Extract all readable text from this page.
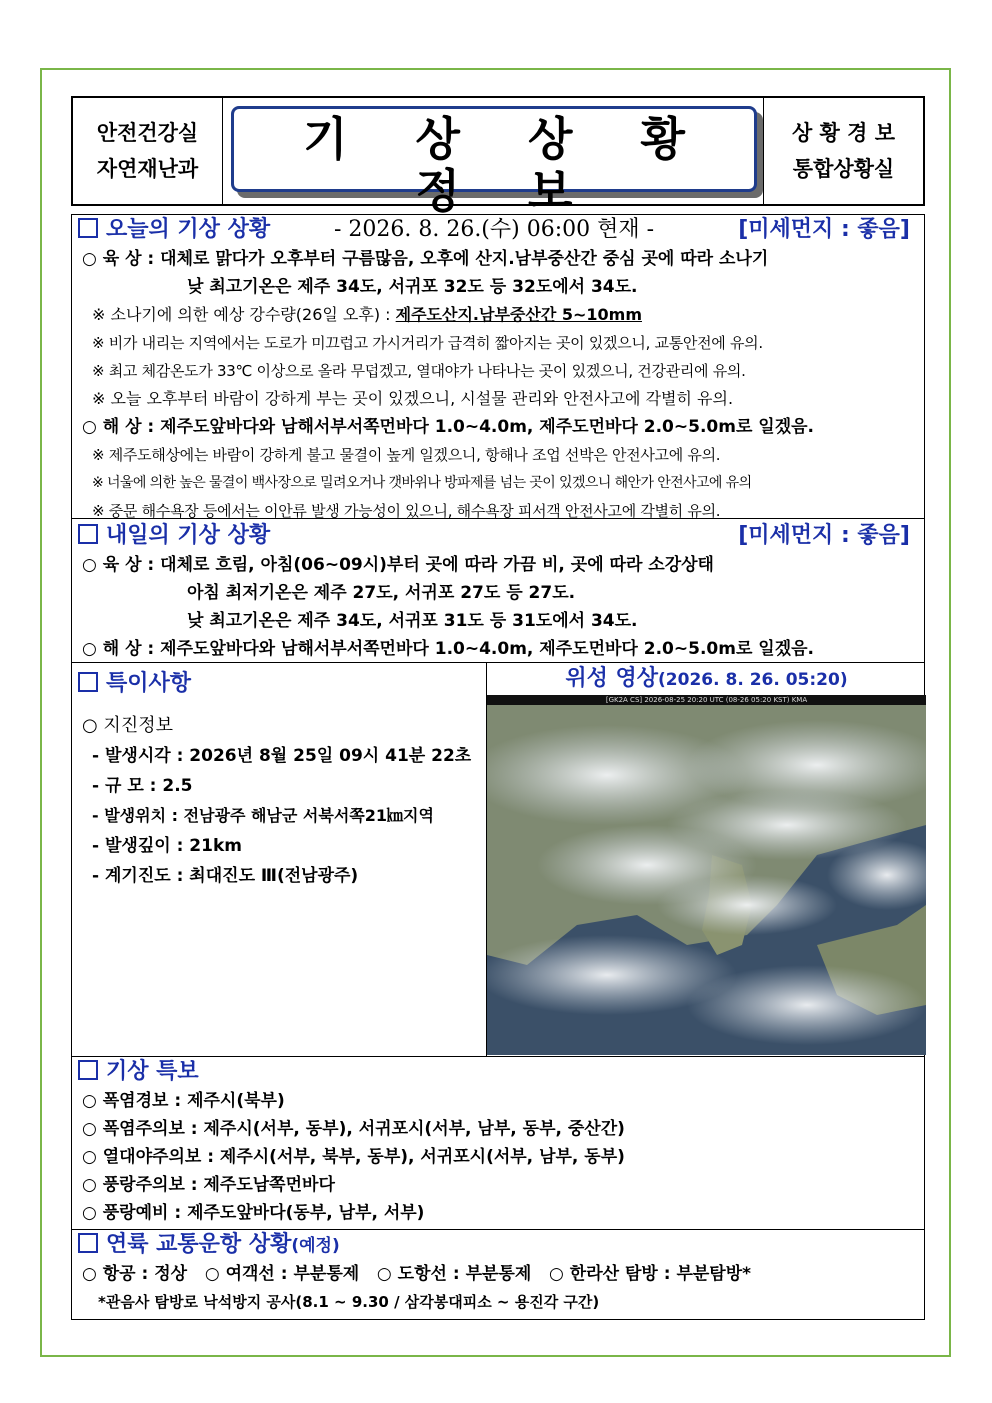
안전건강실
자연재난과
기 상 상 황 정 보
- 2026. 8. 26.(수) 06:00 현재 -
상 황 경 보
통합상황실
오늘의 기상 상황	[미세먼지 : 좋음]
○ 육 상 : 대체로 맑다가 오후부터 구름많음, 오후에 산지.남부중산간 중심 곳에 따라 소나기
낮 최고기온은 제주 34도, 서귀포 32도 등 32도에서 34도.
※ 소나기에 의한 예상 강수량(26일 오후) : 제주도산지.남부중산간 5~10mm
※ 비가 내리는 지역에서는 도로가 미끄럽고 가시거리가 급격히 짧아지는 곳이 있겠으니, 교통안전에 유의.
※ 최고 체감온도가 33℃ 이상으로 올라 무덥겠고, 열대야가 나타나는 곳이 있겠으니, 건강관리에 유의.
※ 오늘 오후부터 바람이 강하게 부는 곳이 있겠으니, 시설물 관리와 안전사고에 각별히 유의.
○ 해 상 : 제주도앞바다와 남해서부서쪽먼바다 1.0~4.0m, 제주도먼바다 2.0~5.0m로 일겠음.
※ 제주도해상에는 바람이 강하게 불고 물결이 높게 일겠으니, 항해나 조업 선박은 안전사고에 유의.
※ 너울에 의한 높은 물결이 백사장으로 밀려오거나 갯바위나 방파제를 넘는 곳이 있겠으니 해안가 안전사고에 유의
※ 중문 해수욕장 등에서는 이안류 발생 가능성이 있으니, 해수욕장 피서객 안전사고에 각별히 유의.
내일의 기상 상황	[미세먼지 : 좋음]
○ 육 상 : 대체로 흐림, 아침(06~09시)부터 곳에 따라 가끔 비, 곳에 따라 소강상태
아침 최저기온은 제주 27도, 서귀포 27도 등 27도.
낮 최고기온은 제주 34도, 서귀포 31도 등 31도에서 34도.
○ 해 상 : 제주도앞바다와 남해서부서쪽먼바다 1.0~4.0m, 제주도먼바다 2.0~5.0m로 일겠음.
특이사항
○ 지진정보
- 발생시각 : 2026년 8월 25일 09시 41분 22초
- 규 모 : 2.5
- 발생위치 : 전남광주 해남군 서북서쪽21㎞지역
- 발생깊이 : 21km
- 계기진도 : 최대진도 Ⅲ(전남광주)
위성 영상(2026. 8. 26. 05:20)
[GK2A CS] 2026-08-25 20:20 UTC (08-26 05:20 KST) KMA
기상 특보
○ 폭염경보 : 제주시(북부)
○ 폭염주의보 : 제주시(서부, 동부), 서귀포시(서부, 남부, 동부, 중산간)
○ 열대야주의보 : 제주시(서부, 북부, 동부), 서귀포시(서부, 남부, 동부)
○ 풍랑주의보 : 제주도남쪽먼바다
○ 풍랑예비 : 제주도앞바다(동부, 남부, 서부)
연륙 교통운항 상황(예정)
○ 항공 : 정상   ○ 여객선 : 부분통제   ○ 도항선 : 부분통제   ○ 한라산 탐방 : 부분탐방*
*관음사 탐방로 낙석방지 공사(8.1 ~ 9.30 / 삼각봉대피소 ~ 용진각 구간)
